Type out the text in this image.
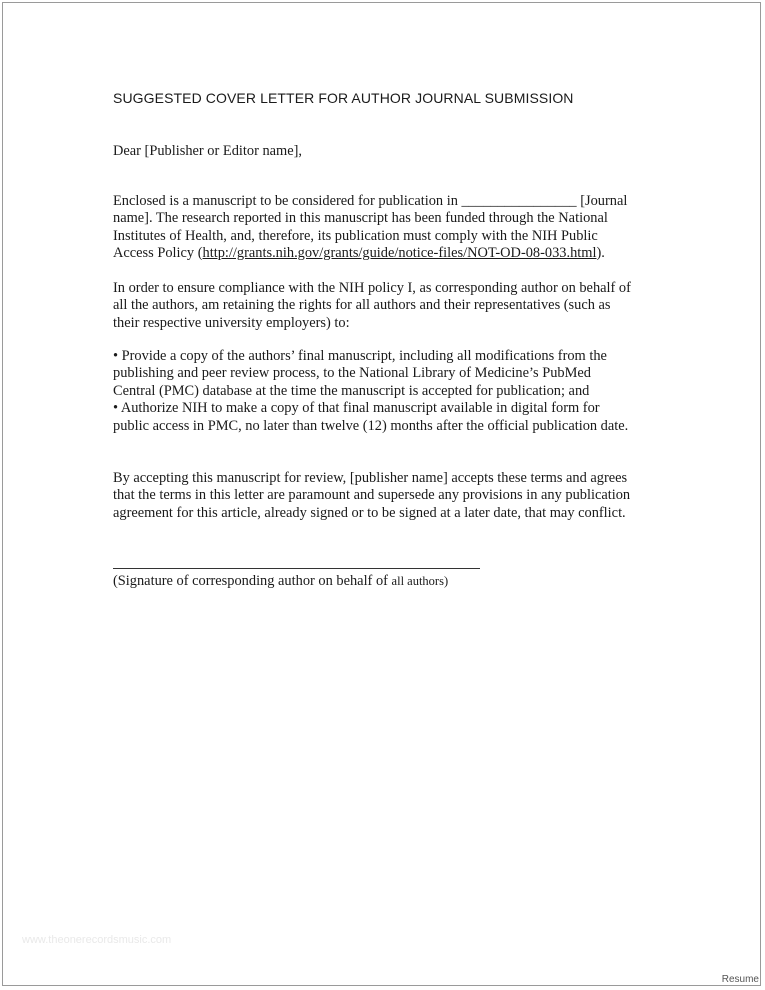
SUGGESTED COVER LETTER FOR AUTHOR JOURNAL SUBMISSION
Dear [Publisher or Editor name],
Enclosed is a manuscript to be considered for publication in ________________ [Journal
name]. The research reported in this manuscript has been funded through the National
Institutes of Health, and, therefore, its publication must comply with the NIH Public
Access Policy (http://grants.nih.gov/grants/guide/notice-files/NOT-OD-08-033.html).
In order to ensure compliance with the NIH policy I, as corresponding author on behalf of
all the authors, am retaining the rights for all authors and their representatives (such as
their respective university employers) to:
• Provide a copy of the authors’ final manuscript, including all modifications from the
publishing and peer review process, to the National Library of Medicine’s PubMed
Central (PMC) database at the time the manuscript is accepted for publication; and
• Authorize NIH to make a copy of that final manuscript available in digital form for
public access in PMC, no later than twelve (12) months after the official publication date.
By accepting this manuscript for review, [publisher name] accepts these terms and agrees
that the terms in this letter are paramount and supersede any provisions in any publication
agreement for this article, already signed or to be signed at a later date, that may conflict.
(Signature of corresponding author on behalf of all authors)
www.theonerecordsmusic.com
Resume
